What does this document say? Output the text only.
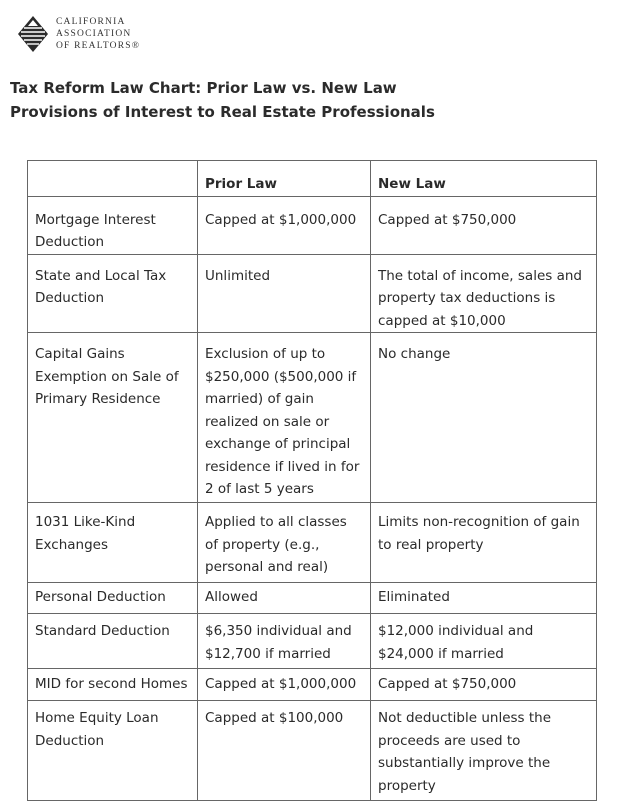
CALIFORNIA
ASSOCIATION
OF REALTORS®
Tax Reform Law Chart: Prior Law vs. New Law
Provisions of Interest to Real Estate Professionals
	Prior Law	New Law
Mortgage Interest Deduction	Capped at $1,000,000	Capped at $750,000
State and Local Tax Deduction	Unlimited	The total of income, sales and property tax deductions is capped at $10,000
Capital Gains Exemption on Sale of Primary Residence	Exclusion of up to $250,000 ($500,000 if married) of gain realized on sale or exchange of principal residence if lived in for 2 of last 5 years	No change
1031 Like-Kind Exchanges	Applied to all classes of property (e.g., personal and real)	Limits non-recognition of gain to real property
Personal Deduction	Allowed	Eliminated
Standard Deduction	$6,350 individual and $12,700 if married	$12,000 individual and $24,000 if married
MID for second Homes	Capped at $1,000,000	Capped at $750,000
Home Equity Loan Deduction	Capped at $100,000	Not deductible unless the proceeds are used to substantially improve the property
